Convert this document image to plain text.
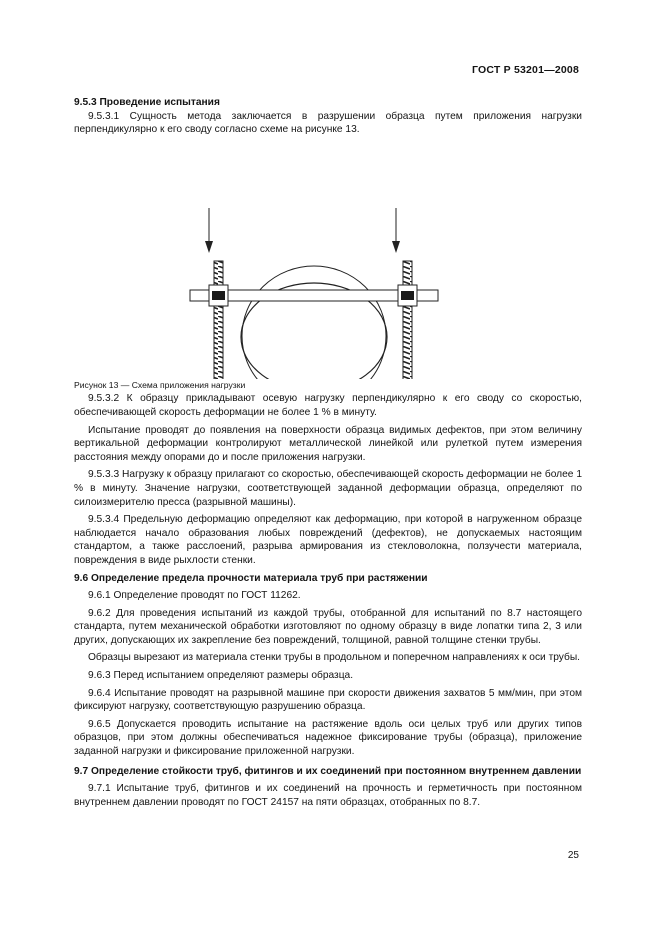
ГОСТ Р 53201—2008

9.5.3 Проведение испытания

9.5.3.1 Сущность метода заключается в разрушении образца путем приложения нагрузки перпендикулярно к его своду согласно схеме на рисунке 13.

Рисунок 13 — Схема приложения нагрузки

9.5.3.2 К образцу прикладывают осевую нагрузку перпендикулярно к его своду со скоростью, обеспечивающей скорость деформации не более 1 % в минуту.

Испытание проводят до появления на поверхности образца видимых дефектов, при этом величину вертикальной деформации контролируют металлической линейкой или рулеткой путем измерения расстояния между опорами до и после приложения нагрузки.

9.5.3.3 Нагрузку к образцу прилагают со скоростью, обеспечивающей скорость деформации не более 1 % в минуту. Значение нагрузки, соответствующей заданной деформации образца, определяют по силоизмерителю пресса (разрывной машины).

9.5.3.4 Предельную деформацию определяют как деформацию, при которой в нагруженном образце наблюдается начало образования любых повреждений (дефектов), не допускаемых настоящим стандартом, а также расслоений, разрыва армирования из стекловолокна, ползучести материала, повреждения в виде рыхлости стенки.

9.6 Определение предела прочности материала труб при растяжении

9.6.1 Определение проводят по ГОСТ 11262.

9.6.2 Для проведения испытаний из каждой трубы, отобранной для испытаний по 8.7 настоящего стандарта, путем механической обработки изготовляют по одному образцу в виде лопатки типа 2, 3 или других, допускающих их закрепление без повреждений, толщиной, равной толщине стенки трубы.

Образцы вырезают из материала стенки трубы в продольном и поперечном направлениях к оси трубы.

9.6.3 Перед испытанием определяют размеры образца.

9.6.4 Испытание проводят на разрывной машине при скорости движения захватов 5 мм/мин, при этом фиксируют нагрузку, соответствующую разрушению образца.

9.6.5 Допускается проводить испытание на растяжение вдоль оси целых труб или других типов образцов, при этом должны обеспечиваться надежное фиксирование трубы (образца), приложение заданной нагрузки и фиксирование приложенной нагрузки.

9.7 Определение стойкости труб, фитингов и их соединений при постоянном внутреннем давлении

9.7.1 Испытание труб, фитингов и их соединений на прочность и герметичность при постоянном внутреннем давлении проводят по ГОСТ 24157 на пяти образцах, отобранных по 8.7.

25
